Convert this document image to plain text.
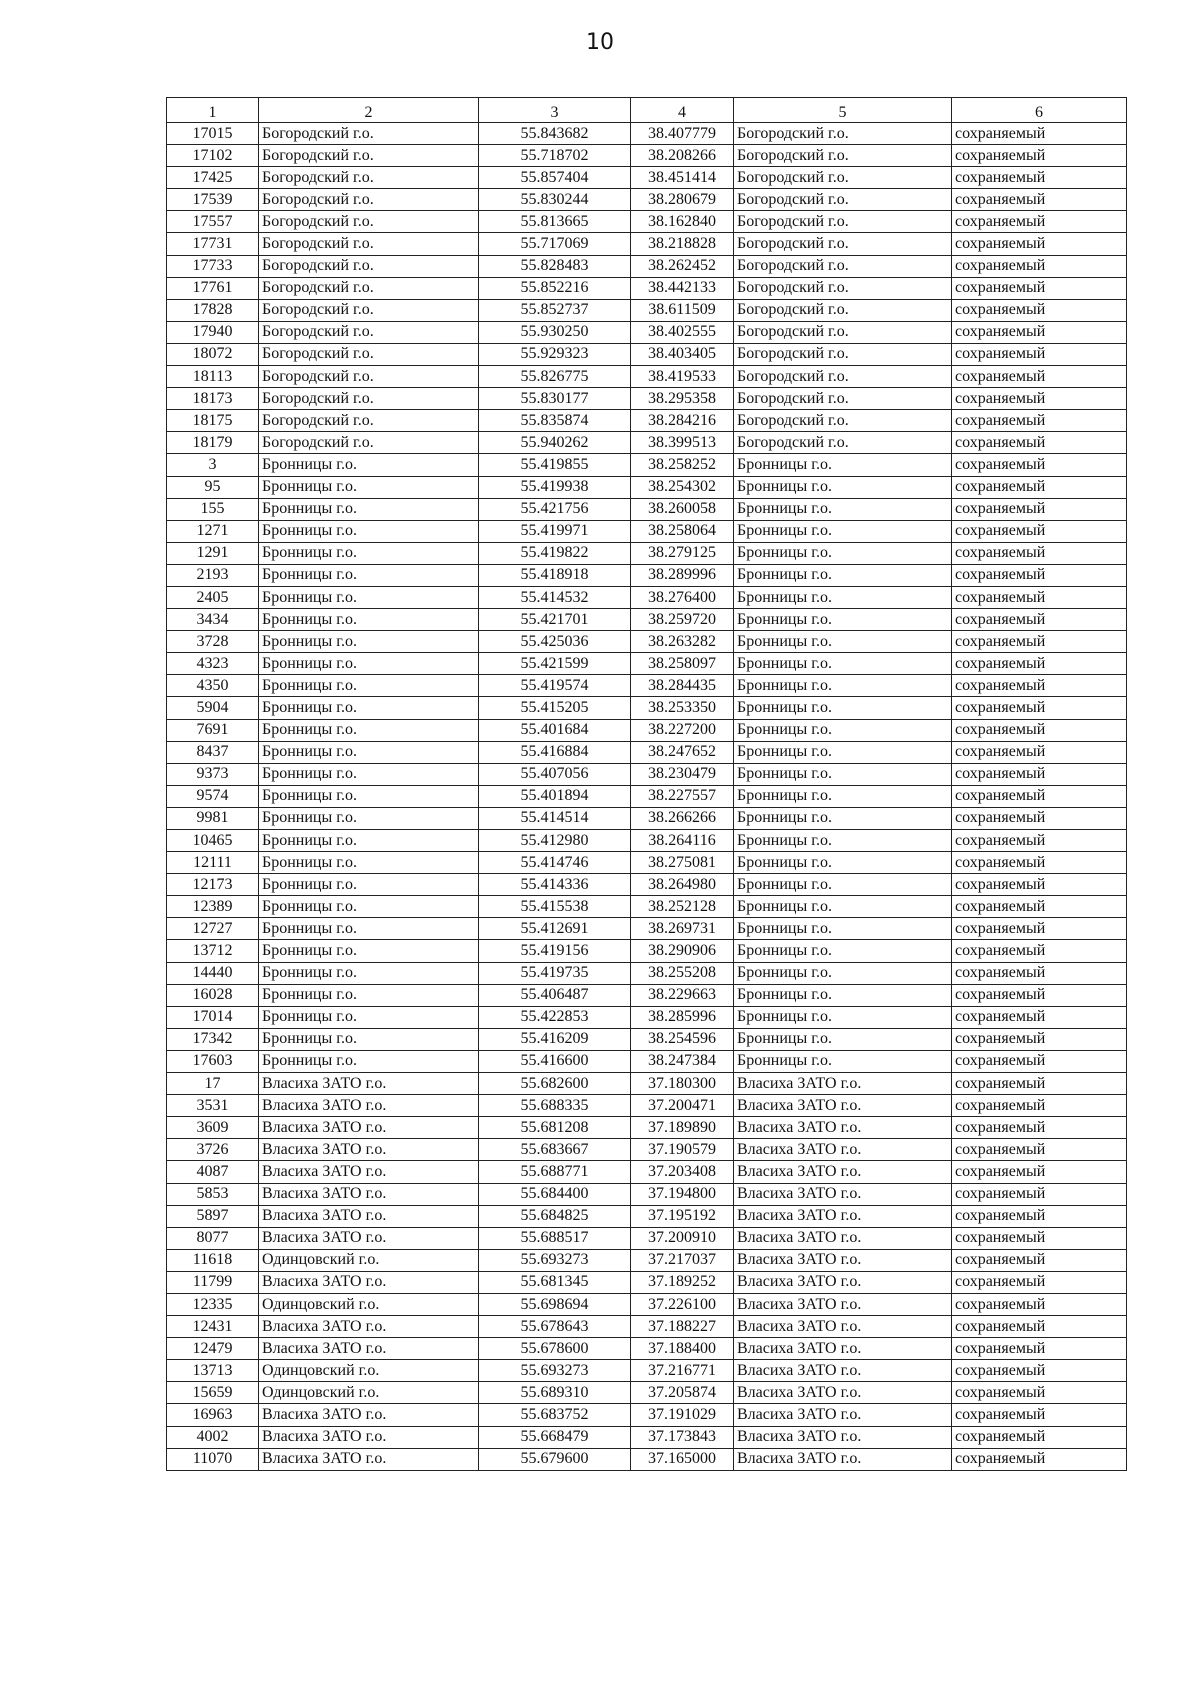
10
1	2	3	4	5	6
17015	Богородский г.о.	55.843682	38.407779	Богородский г.о.	сохраняемый
17102	Богородский г.о.	55.718702	38.208266	Богородский г.о.	сохраняемый
17425	Богородский г.о.	55.857404	38.451414	Богородский г.о.	сохраняемый
17539	Богородский г.о.	55.830244	38.280679	Богородский г.о.	сохраняемый
17557	Богородский г.о.	55.813665	38.162840	Богородский г.о.	сохраняемый
17731	Богородский г.о.	55.717069	38.218828	Богородский г.о.	сохраняемый
17733	Богородский г.о.	55.828483	38.262452	Богородский г.о.	сохраняемый
17761	Богородский г.о.	55.852216	38.442133	Богородский г.о.	сохраняемый
17828	Богородский г.о.	55.852737	38.611509	Богородский г.о.	сохраняемый
17940	Богородский г.о.	55.930250	38.402555	Богородский г.о.	сохраняемый
18072	Богородский г.о.	55.929323	38.403405	Богородский г.о.	сохраняемый
18113	Богородский г.о.	55.826775	38.419533	Богородский г.о.	сохраняемый
18173	Богородский г.о.	55.830177	38.295358	Богородский г.о.	сохраняемый
18175	Богородский г.о.	55.835874	38.284216	Богородский г.о.	сохраняемый
18179	Богородский г.о.	55.940262	38.399513	Богородский г.о.	сохраняемый
3	Бронницы г.о.	55.419855	38.258252	Бронницы г.о.	сохраняемый
95	Бронницы г.о.	55.419938	38.254302	Бронницы г.о.	сохраняемый
155	Бронницы г.о.	55.421756	38.260058	Бронницы г.о.	сохраняемый
1271	Бронницы г.о.	55.419971	38.258064	Бронницы г.о.	сохраняемый
1291	Бронницы г.о.	55.419822	38.279125	Бронницы г.о.	сохраняемый
2193	Бронницы г.о.	55.418918	38.289996	Бронницы г.о.	сохраняемый
2405	Бронницы г.о.	55.414532	38.276400	Бронницы г.о.	сохраняемый
3434	Бронницы г.о.	55.421701	38.259720	Бронницы г.о.	сохраняемый
3728	Бронницы г.о.	55.425036	38.263282	Бронницы г.о.	сохраняемый
4323	Бронницы г.о.	55.421599	38.258097	Бронницы г.о.	сохраняемый
4350	Бронницы г.о.	55.419574	38.284435	Бронницы г.о.	сохраняемый
5904	Бронницы г.о.	55.415205	38.253350	Бронницы г.о.	сохраняемый
7691	Бронницы г.о.	55.401684	38.227200	Бронницы г.о.	сохраняемый
8437	Бронницы г.о.	55.416884	38.247652	Бронницы г.о.	сохраняемый
9373	Бронницы г.о.	55.407056	38.230479	Бронницы г.о.	сохраняемый
9574	Бронницы г.о.	55.401894	38.227557	Бронницы г.о.	сохраняемый
9981	Бронницы г.о.	55.414514	38.266266	Бронницы г.о.	сохраняемый
10465	Бронницы г.о.	55.412980	38.264116	Бронницы г.о.	сохраняемый
12111	Бронницы г.о.	55.414746	38.275081	Бронницы г.о.	сохраняемый
12173	Бронницы г.о.	55.414336	38.264980	Бронницы г.о.	сохраняемый
12389	Бронницы г.о.	55.415538	38.252128	Бронницы г.о.	сохраняемый
12727	Бронницы г.о.	55.412691	38.269731	Бронницы г.о.	сохраняемый
13712	Бронницы г.о.	55.419156	38.290906	Бронницы г.о.	сохраняемый
14440	Бронницы г.о.	55.419735	38.255208	Бронницы г.о.	сохраняемый
16028	Бронницы г.о.	55.406487	38.229663	Бронницы г.о.	сохраняемый
17014	Бронницы г.о.	55.422853	38.285996	Бронницы г.о.	сохраняемый
17342	Бронницы г.о.	55.416209	38.254596	Бронницы г.о.	сохраняемый
17603	Бронницы г.о.	55.416600	38.247384	Бронницы г.о.	сохраняемый
17	Власиха ЗАТО г.о.	55.682600	37.180300	Власиха ЗАТО г.о.	сохраняемый
3531	Власиха ЗАТО г.о.	55.688335	37.200471	Власиха ЗАТО г.о.	сохраняемый
3609	Власиха ЗАТО г.о.	55.681208	37.189890	Власиха ЗАТО г.о.	сохраняемый
3726	Власиха ЗАТО г.о.	55.683667	37.190579	Власиха ЗАТО г.о.	сохраняемый
4087	Власиха ЗАТО г.о.	55.688771	37.203408	Власиха ЗАТО г.о.	сохраняемый
5853	Власиха ЗАТО г.о.	55.684400	37.194800	Власиха ЗАТО г.о.	сохраняемый
5897	Власиха ЗАТО г.о.	55.684825	37.195192	Власиха ЗАТО г.о.	сохраняемый
8077	Власиха ЗАТО г.о.	55.688517	37.200910	Власиха ЗАТО г.о.	сохраняемый
11618	Одинцовский г.о.	55.693273	37.217037	Власиха ЗАТО г.о.	сохраняемый
11799	Власиха ЗАТО г.о.	55.681345	37.189252	Власиха ЗАТО г.о.	сохраняемый
12335	Одинцовский г.о.	55.698694	37.226100	Власиха ЗАТО г.о.	сохраняемый
12431	Власиха ЗАТО г.о.	55.678643	37.188227	Власиха ЗАТО г.о.	сохраняемый
12479	Власиха ЗАТО г.о.	55.678600	37.188400	Власиха ЗАТО г.о.	сохраняемый
13713	Одинцовский г.о.	55.693273	37.216771	Власиха ЗАТО г.о.	сохраняемый
15659	Одинцовский г.о.	55.689310	37.205874	Власиха ЗАТО г.о.	сохраняемый
16963	Власиха ЗАТО г.о.	55.683752	37.191029	Власиха ЗАТО г.о.	сохраняемый
4002	Власиха ЗАТО г.о.	55.668479	37.173843	Власиха ЗАТО г.о.	сохраняемый
11070	Власиха ЗАТО г.о.	55.679600	37.165000	Власиха ЗАТО г.о.	сохраняемый
